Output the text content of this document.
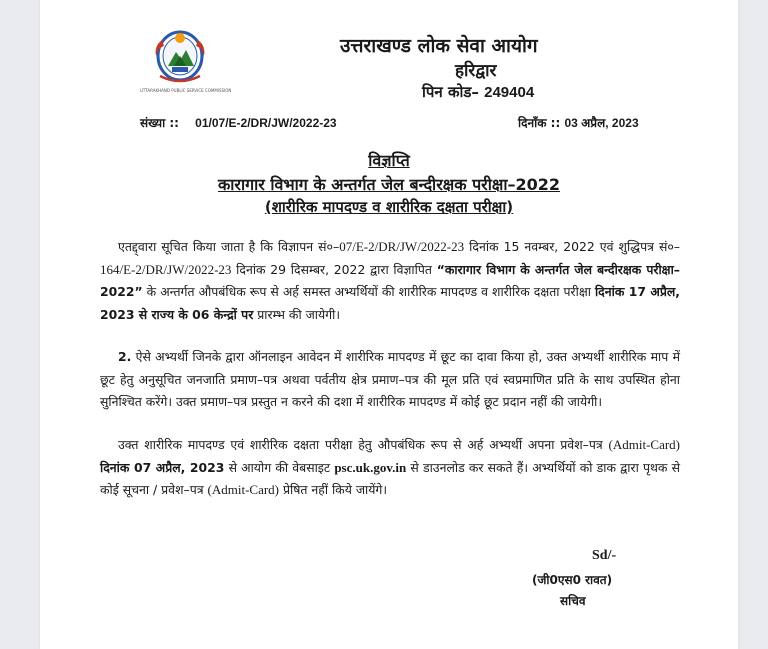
UTTARAKHAND PUBLIC SERVICE COMMISSION
उत्तराखण्ड लोक सेवा आयोग
हरिद्वार
पिन कोड– 249404
संख्या :: 01/07/E-2/DR/JW/2022-23	दिनॉंक :: 03 अप्रैल, 2023
विज्ञप्ति
कारागार विभाग के अन्तर्गत जेल बन्दीरक्षक परीक्षा–2022
(शारीरिक मापदण्ड व शारीरिक दक्षता परीक्षा)
एतद्द्वारा सूचित किया जाता है कि विज्ञापन सं०–07/E-2/DR/JW/2022-23 दिनांक 15 नवम्बर, 2022 एवं शुद्धिपत्र सं०–164/E-2/DR/JW/2022-23 दिनांक 29 दिसम्बर, 2022 द्वारा विज्ञापित “कारागार विभाग के अन्तर्गत जेल बन्दीरक्षक परीक्षा–2022” के अन्तर्गत औपबंधिक रूप से अर्ह समस्त अभ्यर्थियों की शारीरिक मापदण्ड व शारीरिक दक्षता परीक्षा दिनांक 17 अप्रैल, 2023 से राज्य के 06 केन्द्रों पर प्रारम्भ की जायेगी।
2. ऐसे अभ्यर्थी जिनके द्वारा ऑनलाइन आवेदन में शारीरिक मापदण्ड में छूट का दावा किया हो, उक्त अभ्यर्थी शारीरिक माप में छूट हेतु अनुसूचित जनजाति प्रमाण–पत्र अथवा पर्वतीय क्षेत्र प्रमाण–पत्र की मूल प्रति एवं स्वप्रमाणित प्रति के साथ उपस्थित होना सुनिश्चित करेंगे। उक्त प्रमाण–पत्र प्रस्तुत न करने की दशा में शारीरिक मापदण्ड में कोई छूट प्रदान नहीं की जायेगी।
उक्त शारीरिक मापदण्ड एवं शारीरिक दक्षता परीक्षा हेतु औपबंधिक रूप से अर्ह अभ्यर्थी अपना प्रवेश–पत्र (Admit-Card) दिनांक 07 अप्रैल, 2023 से आयोग की वेबसाइट psc.uk.gov.in से डाउनलोड कर सकते हैं। अभ्यर्थियों को डाक द्वारा पृथक से कोई सूचना / प्रवेश–पत्र (Admit-Card) प्रेषित नहीं किये जायेंगे।
Sd/-
(जी0एस0 रावत)
सचिव
